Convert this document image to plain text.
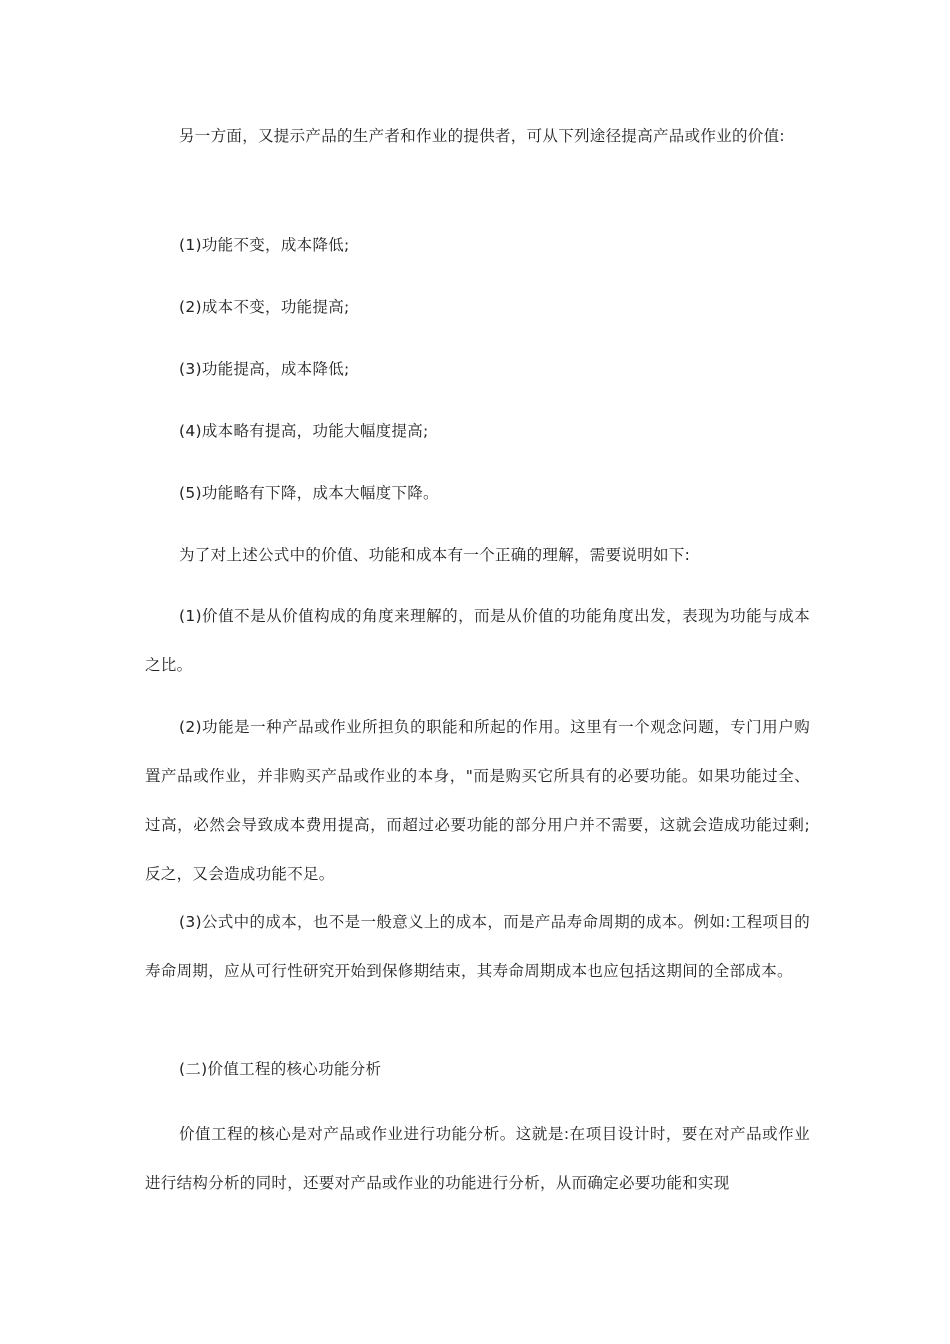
另一方面，又提示产品的生产者和作业的提供者，可从下列途径提高产品或作业的价值:

(1)功能不变，成本降低;

(2)成本不变，功能提高;

(3)功能提高，成本降低;

(4)成本略有提高，功能大幅度提高;

(5)功能略有下降，成本大幅度下降。

为了对上述公式中的价值、功能和成本有一个正确的理解，需要说明如下:

(1)价值不是从价值构成的角度来理解的，而是从价值的功能角度出发，表现为功能与成本之比。

(2)功能是一种产品或作业所担负的职能和所起的作用。这里有一个观念问题，专门用户购置产品或作业，并非购买产品或作业的本身，"而是购买它所具有的必要功能。如果功能过全、过高，必然会导致成本费用提高，而超过必要功能的部分用户并不需要，这就会造成功能过剩;反之，又会造成功能不足。

(3)公式中的成本，也不是一般意义上的成本，而是产品寿命周期的成本。例如:工程项目的寿命周期，应从可行性研究开始到保修期结束，其寿命周期成本也应包括这期间的全部成本。

(二)价值工程的核心功能分析

价值工程的核心是对产品或作业进行功能分析。这就是:在项目设计时，要在对产品或作业进行结构分析的同时，还要对产品或作业的功能进行分析，从而确定必要功能和实现
